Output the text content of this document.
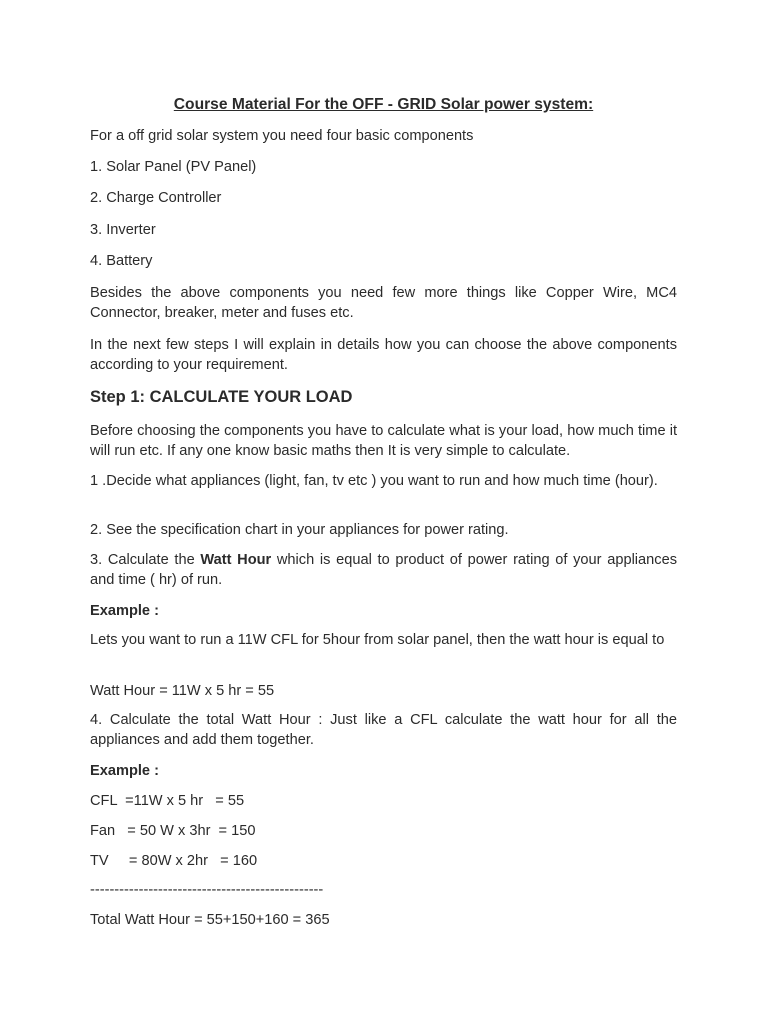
Course Material For the OFF - GRID Solar power system:
For a off grid solar system you need four basic components
1. Solar Panel (PV Panel)
2. Charge Controller
3. Inverter
4. Battery
Besides the above components you need few more things like Copper Wire, MC4 Connector, breaker, meter and fuses etc.
In the next few steps I will explain in details how you can choose the above components according to your requirement.
Step 1: CALCULATE YOUR LOAD
Before choosing the components you have to calculate what is your load, how much time it will run etc. If any one know basic maths then It is very simple to calculate.
1 .Decide what appliances (light, fan, tv etc ) you want to run and how much time (hour).
2. See the specification chart in your appliances for power rating.
3. Calculate the Watt Hour which is equal to product of power rating of your appliances and time ( hr) of run.
Example :
Lets you want to run a 11W CFL for 5hour from solar panel, then the watt hour is equal to
Watt Hour = 11W x 5 hr = 55
4. Calculate the total Watt Hour : Just like a CFL calculate the watt hour for all the appliances and add them together.
Example :
CFL  =11W x 5 hr   = 55
Fan   = 50 W x 3hr  = 150
TV     = 80W x 2hr   = 160
------------------------------------------------
Total Watt Hour = 55+150+160 = 365
